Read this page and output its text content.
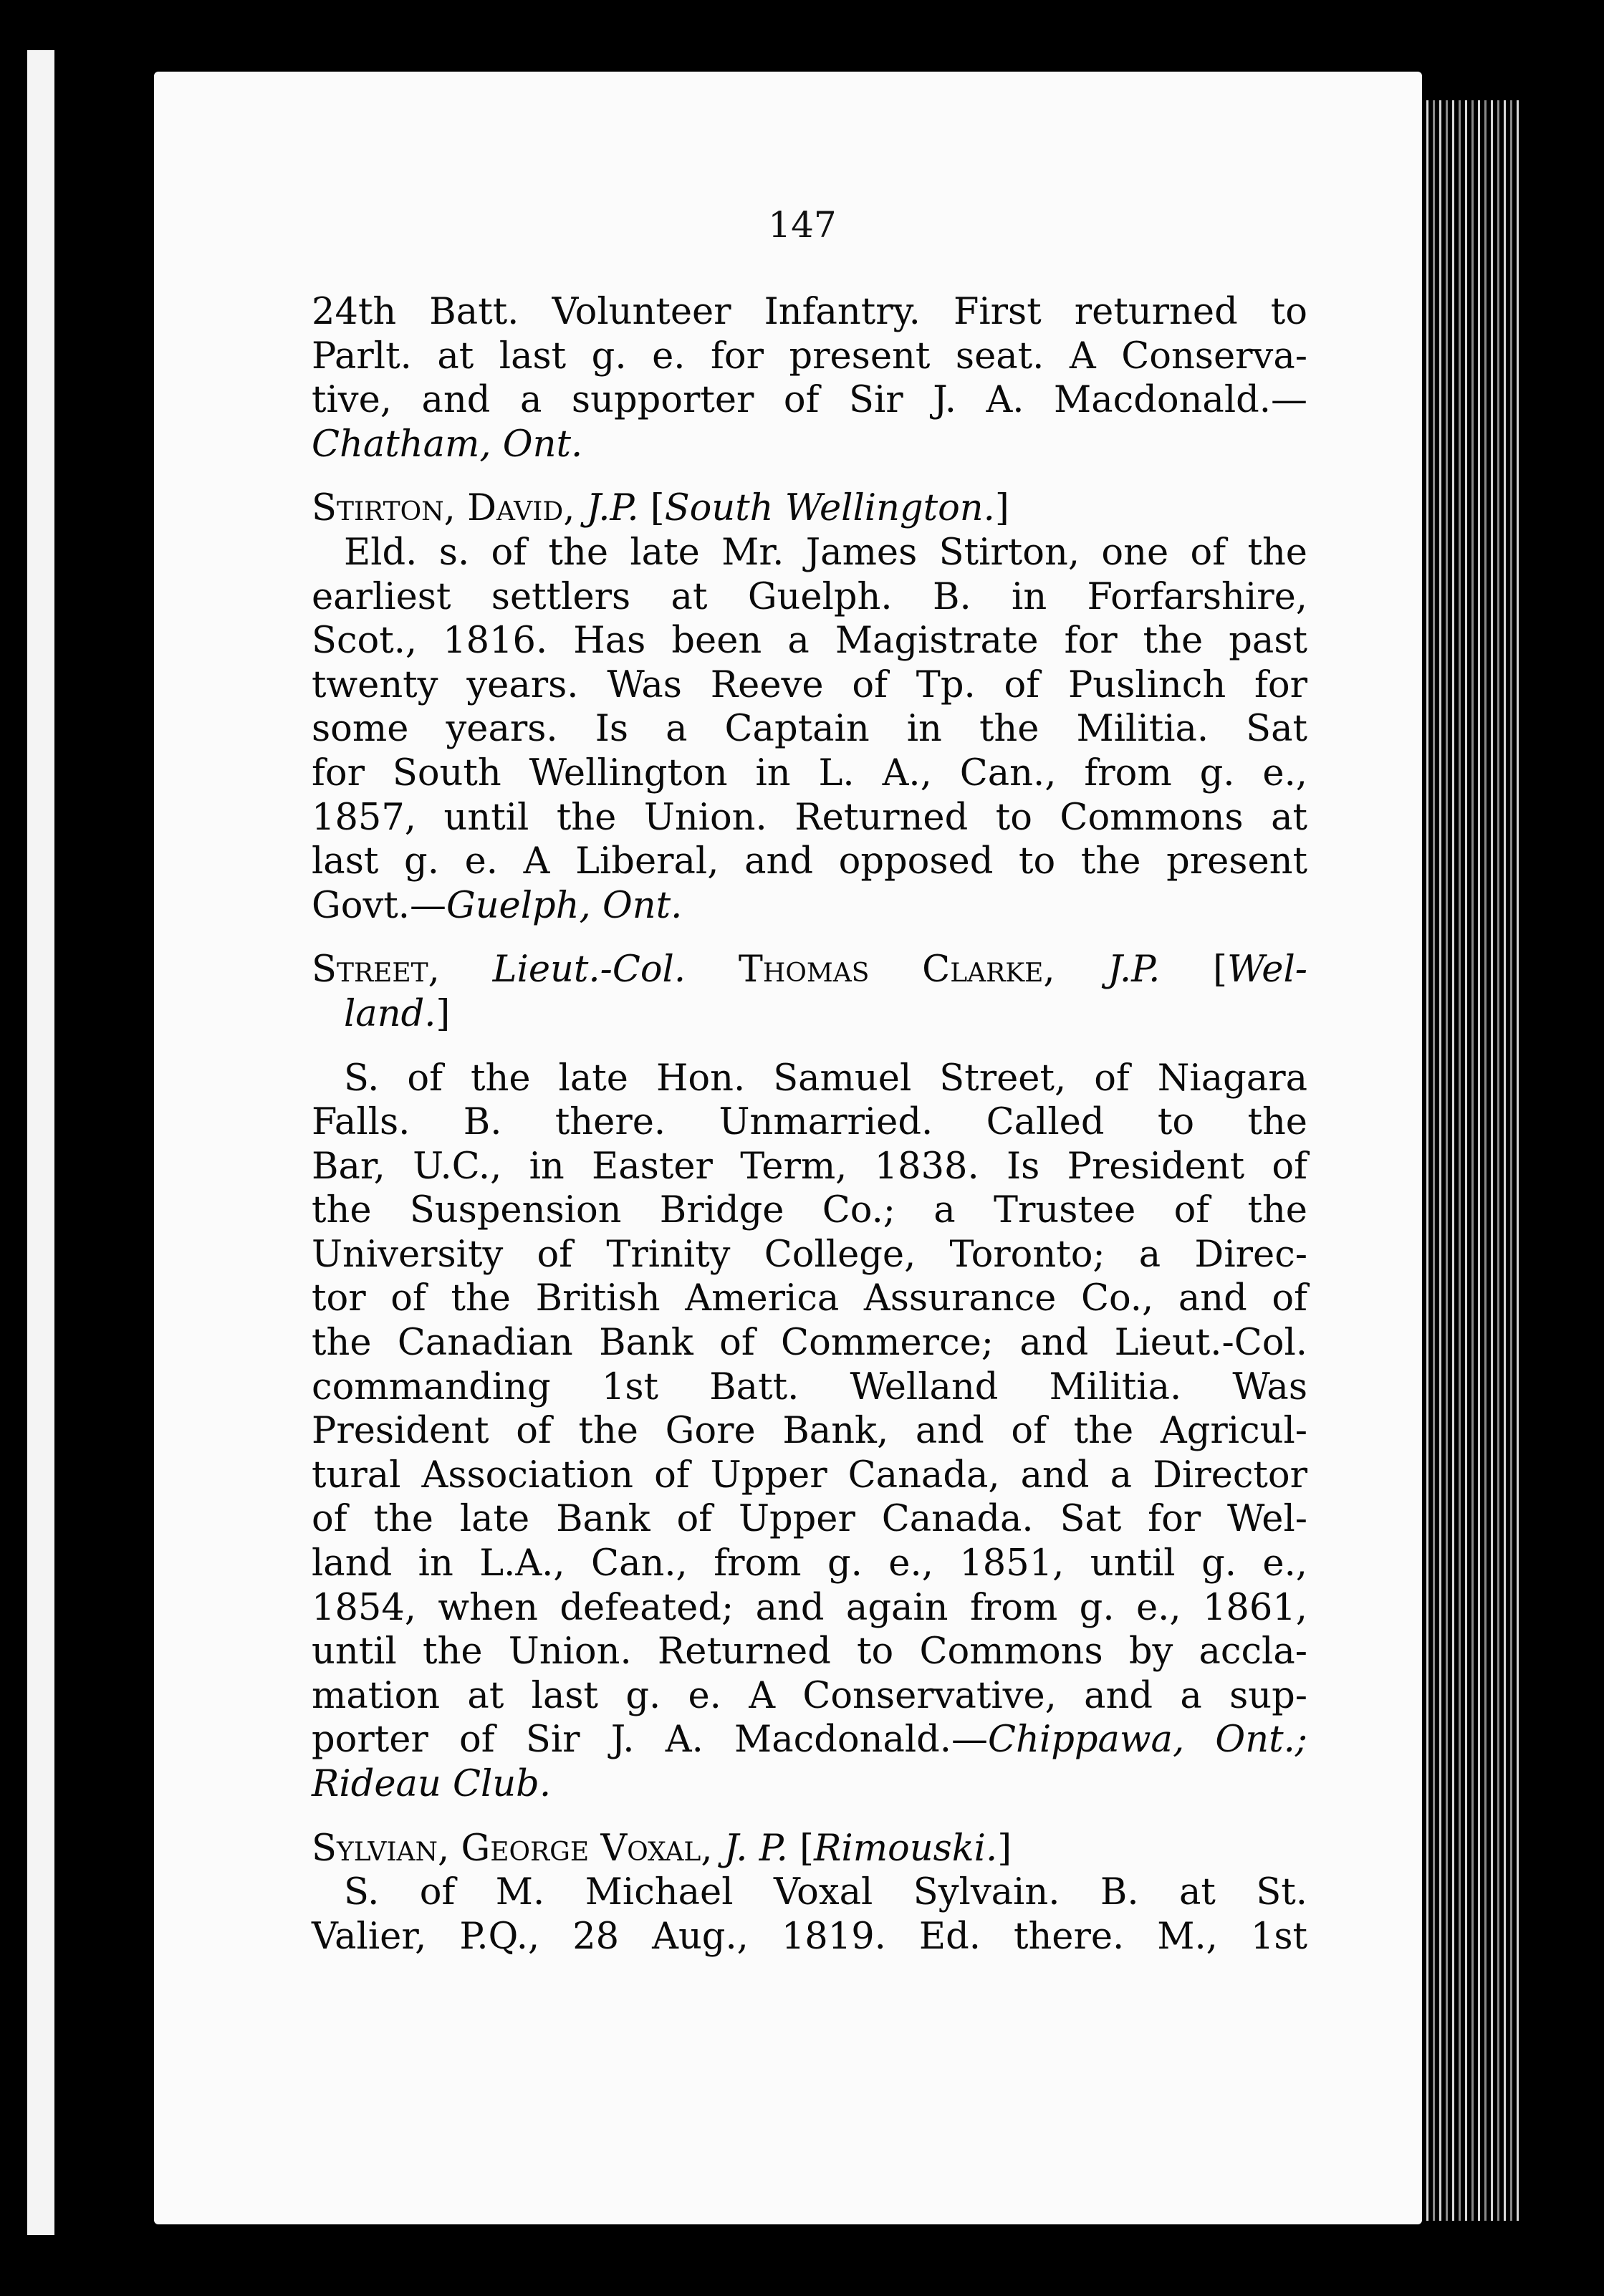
147
24th Batt. Volunteer Infantry. First returned to
Parlt. at last g. e. for present seat. A Conserva-
tive, and a supporter of Sir J. A. Macdonald.—
Chatham, Ont.
Stirton, David, J.P. [South Wellington.]
Eld. s. of the late Mr. James Stirton, one of the
earliest settlers at Guelph. B. in Forfarshire,
Scot., 1816. Has been a Magistrate for the past
twenty years. Was Reeve of Tp. of Puslinch for
some years. Is a Captain in the Militia. Sat
for South Wellington in L. A., Can., from g. e.,
1857, until the Union. Returned to Commons at
last g. e. A Liberal, and opposed to the present
Govt.—Guelph, Ont.
Street, Lieut.-Col. Thomas Clarke, J.P. [Wel-
land.]
S. of the late Hon. Samuel Street, of Niagara
Falls. B. there. Unmarried. Called to the
Bar, U.C., in Easter Term, 1838. Is President of
the Suspension Bridge Co.; a Trustee of the
University of Trinity College, Toronto; a Direc-
tor of the British America Assurance Co., and of
the Canadian Bank of Commerce; and Lieut.-Col.
commanding 1st Batt. Welland Militia. Was
President of the Gore Bank, and of the Agricul-
tural Association of Upper Canada, and a Director
of the late Bank of Upper Canada. Sat for Wel-
land in L.A., Can., from g. e., 1851, until g. e.,
1854, when defeated; and again from g. e., 1861,
until the Union. Returned to Commons by accla-
mation at last g. e. A Conservative, and a sup-
porter of Sir J. A. Macdonald.—Chippawa, Ont.;
Rideau Club.
Sylvian, George Voxal, J. P. [Rimouski.]
S. of M. Michael Voxal Sylvain. B. at St.
Valier, P.Q., 28 Aug., 1819. Ed. there. M., 1st
